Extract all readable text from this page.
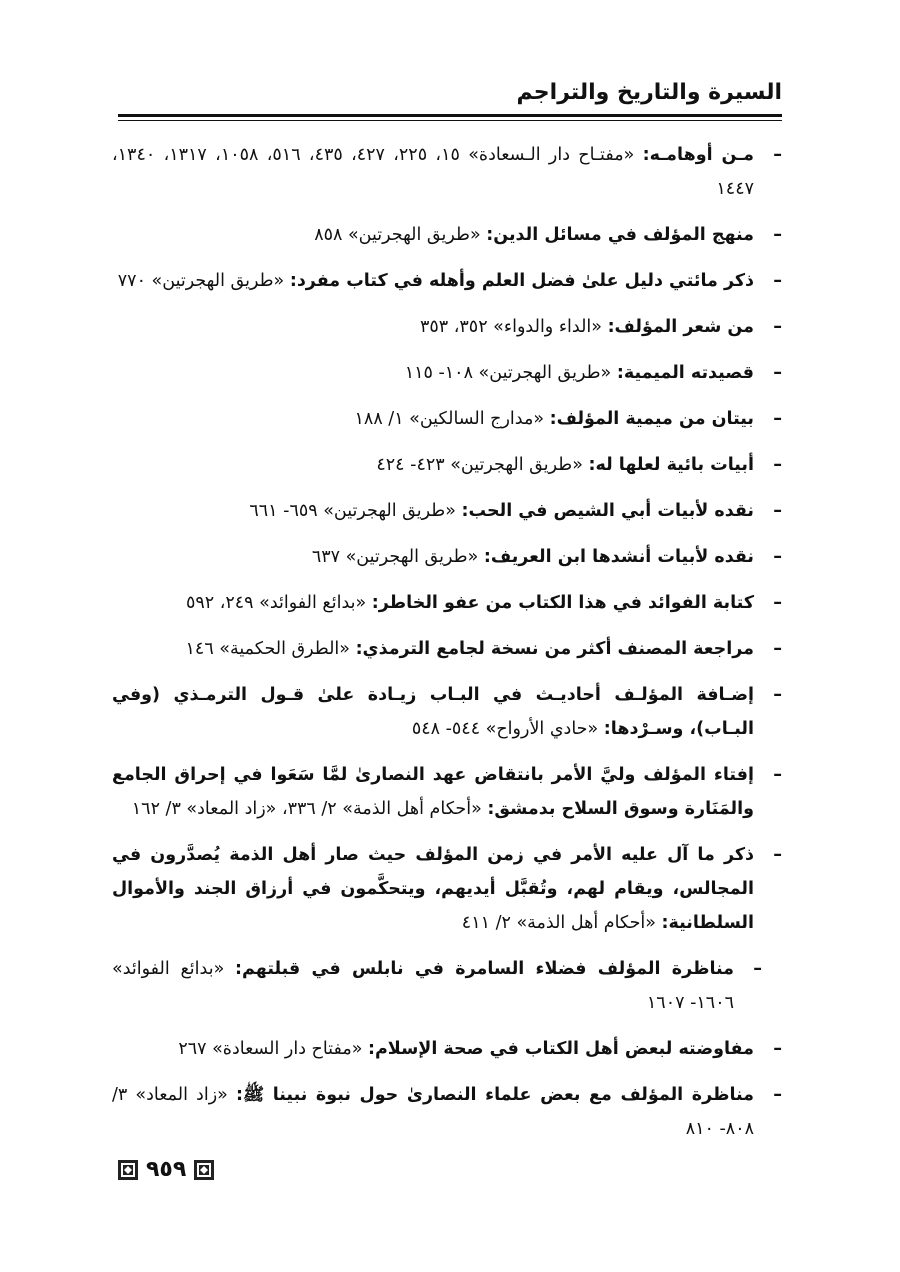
السيرة والتاريخ والتراجم
–
مـن أوهامـه: «مفتـاح دار الـسعادة» ١٥، ٢٢٥، ٤٢٧، ٤٣٥، ٥١٦، ١٠٥٨، ١٣١٧، ١٣٤٠، ١٤٤٧
–
منهج المؤلف في مسائل الدين: «طريق الهجرتين» ٨٥٨
–
ذكر مائتي دليل علىٰ فضل العلم وأهله في كتاب مفرد: «طريق الهجرتين» ٧٧٠
–
من شعر المؤلف: «الداء والدواء» ٣٥٢، ٣٥٣
–
قصيدته الميمية: «طريق الهجرتين» ١٠٨- ١١٥
–
بيتان من ميمية المؤلف: «مدارج السالكين» ١/ ١٨٨
–
أبيات بائية لعلها له: «طريق الهجرتين» ٤٢٣- ٤٢٤
–
نقده لأبيات أبي الشيص في الحب: «طريق الهجرتين» ٦٥٩- ٦٦١
–
نقده لأبيات أنشدها ابن العريف: «طريق الهجرتين» ٦٣٧
–
كتابة الفوائد في هذا الكتاب من عفو الخاطر: «بدائع الفوائد» ٢٤٩، ٥٩٢
–
مراجعة المصنف أكثر من نسخة لجامع الترمذي: «الطرق الحكمية» ١٤٦
–
إضـافة المؤلـف أحاديـث في البـاب زيـادة علىٰ قـول الترمـذي (وفي البـاب)، وسـرْدها: «حادي الأرواح» ٥٤٤- ٥٤٨
–
إفتاء المؤلف وليَّ الأمر بانتقاض عهد النصارىٰ لمَّا سَعَوا في إحراق الجامع والمَنَارة وسوق السلاح بدمشق: «أحكام أهل الذمة» ٢/ ٣٣٦، «زاد المعاد» ٣/ ١٦٢
–
ذكر ما آل عليه الأمر في زمن المؤلف حيث صار أهل الذمة يُصدَّرون في المجالس، ويقام لهم، وتُقبَّل أيديهم، ويتحكَّمون في أرزاق الجند والأموال السلطانية: «أحكام أهل الذمة» ٢/ ٤١١
–
مناظرة المؤلف فضلاء السامرة في نابلس في قبلتهم: «بدائع الفوائد» ١٦٠٦- ١٦٠٧
–
مفاوضته لبعض أهل الكتاب في صحة الإسلام: «مفتاح دار السعادة» ٢٦٧
–
مناظرة المؤلف مع بعض علماء النصارىٰ حول نبوة نبينا ﷺ: «زاد المعاد» ٣/ ٨٠٨- ٨١٠
٩٥٩
